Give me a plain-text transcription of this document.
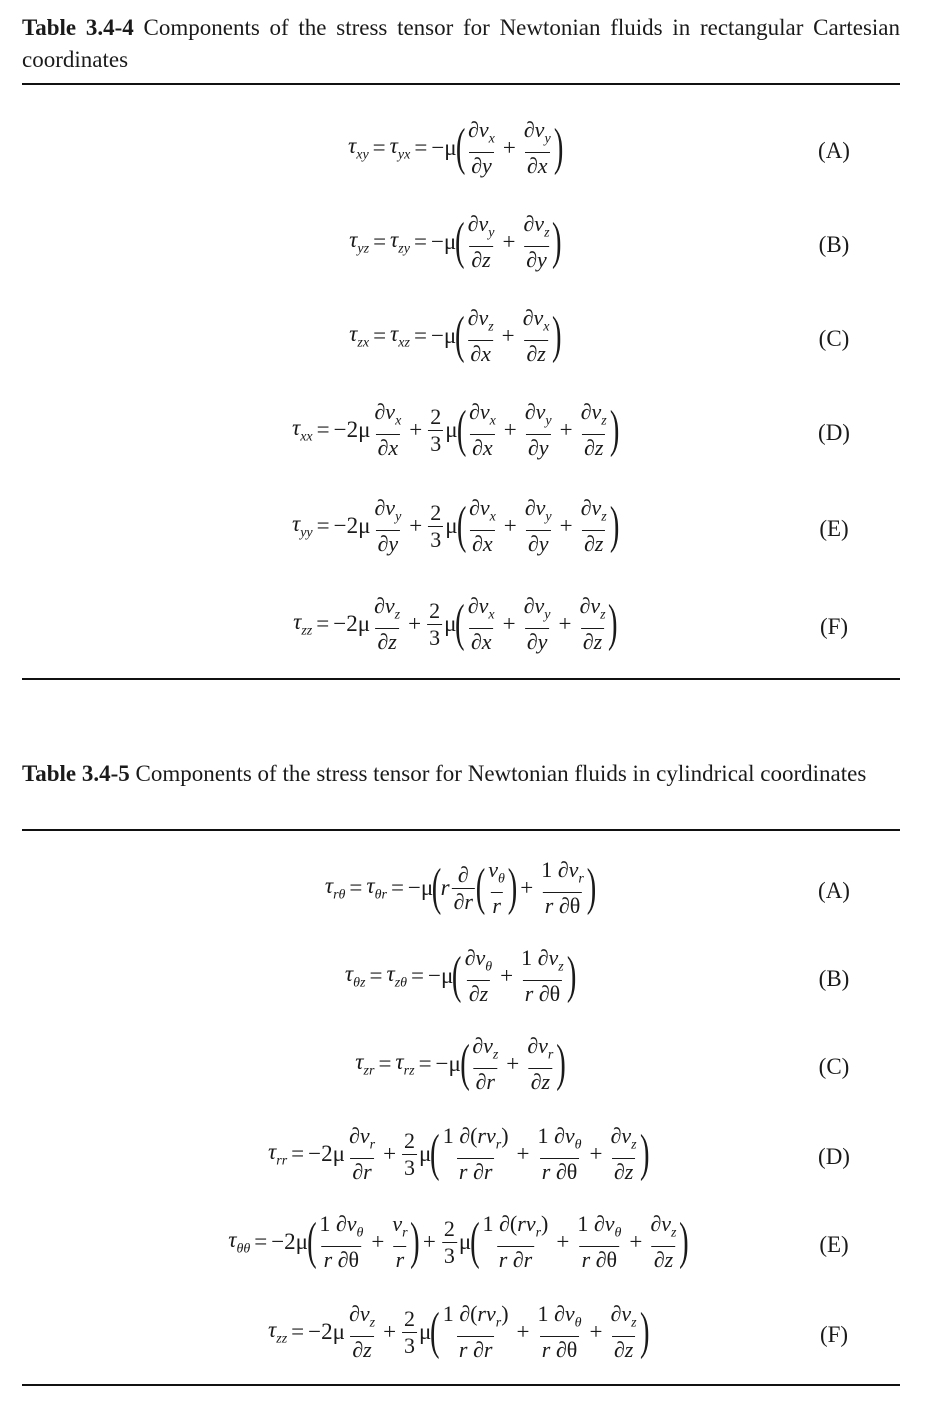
Table 3.4-4 Components of the stress tensor for Newtonian fluids in rectangular Cartesian coordinates
$\tau_{xy} = \tau_{yx} = -\mu$
( $\frac{\partial v_x}{\partial y} + \frac{\partial v_y}{\partial x}$ )	(A)
$\tau_{yz} = \tau_{zy} = -\mu$
( $\frac{\partial v_y}{\partial z} + \frac{\partial v_z}{\partial y}$ )	(B)
$\tau_{zx} = \tau_{xz} = -\mu$
( $\frac{\partial v_z}{\partial x} + \frac{\partial v_x}{\partial z}$ )	(C)
$\tau_{xx} = -2\mu \frac{\partial v_x}{\partial x} + \frac{2}{3}$ μ
( $\frac{\partial v_x}{\partial x} + \frac{\partial v_y}{\partial y} + \frac{\partial v_z}{\partial z}$ )	(D)
$\tau_{yy} = -2\mu \frac{\partial v_y}{\partial y} + \frac{2}{3}$ μ
( $\frac{\partial v_x}{\partial x} + \frac{\partial v_y}{\partial y} + \frac{\partial v_z}{\partial z}$ )	(E)
$\tau_{zz} = -2\mu \frac{\partial v_z}{\partial z} + \frac{2}{3}$ μ
( $\frac{\partial v_x}{\partial x} + \frac{\partial v_y}{\partial y} + \frac{\partial v_z}{\partial z}$ )	(F)
Table 3.4-5 Components of the stress tensor for Newtonian fluids in cylindrical coordinates
$\tau_{r\theta} = \tau_{\theta r} = -\mu$
(
r $\frac{\partial}{\partial r}$ ( $\frac{v_\theta}{r}$ ) + $\frac{1 \partial v_r}{r \partial\theta}$ )	(A)
$\tau_{\theta z} = \tau_{z\theta} = -\mu$
( $\frac{\partial v_\theta}{\partial z} + \frac{1 \partial v_z}{r \partial\theta}$ )	(B)
$\tau_{zr} = \tau_{rz} = -\mu$
( $\frac{\partial v_z}{\partial r} + \frac{\partial v_r}{\partial z}$ )	(C)
$\tau_{rr} = -2\mu \frac{\partial v_r}{\partial r} + \frac{2}{3}$ μ
( $\frac{1 \partial(rv_r)}{r \partial r} + \frac{1 \partial v_\theta}{r \partial\theta} + \frac{\partial v_z}{\partial z}$ )	(D)
$\tau_{\theta\theta} = -2\mu$
( $\frac{1 \partial v_\theta}{r \partial\theta} + \frac{v_r}{r}$ ) + $\frac{2}{3}$ μ
( $\frac{1 \partial(rv_r)}{r \partial r} + \frac{1 \partial v_\theta}{r \partial\theta} + \frac{\partial v_z}{\partial z}$ )	(E)
$\tau_{zz} = -2\mu \frac{\partial v_z}{\partial z} + \frac{2}{3}$ μ
( $\frac{1 \partial(rv_r)}{r \partial r} + \frac{1 \partial v_\theta}{r \partial\theta} + \frac{\partial v_z}{\partial z}$ )	(F)
